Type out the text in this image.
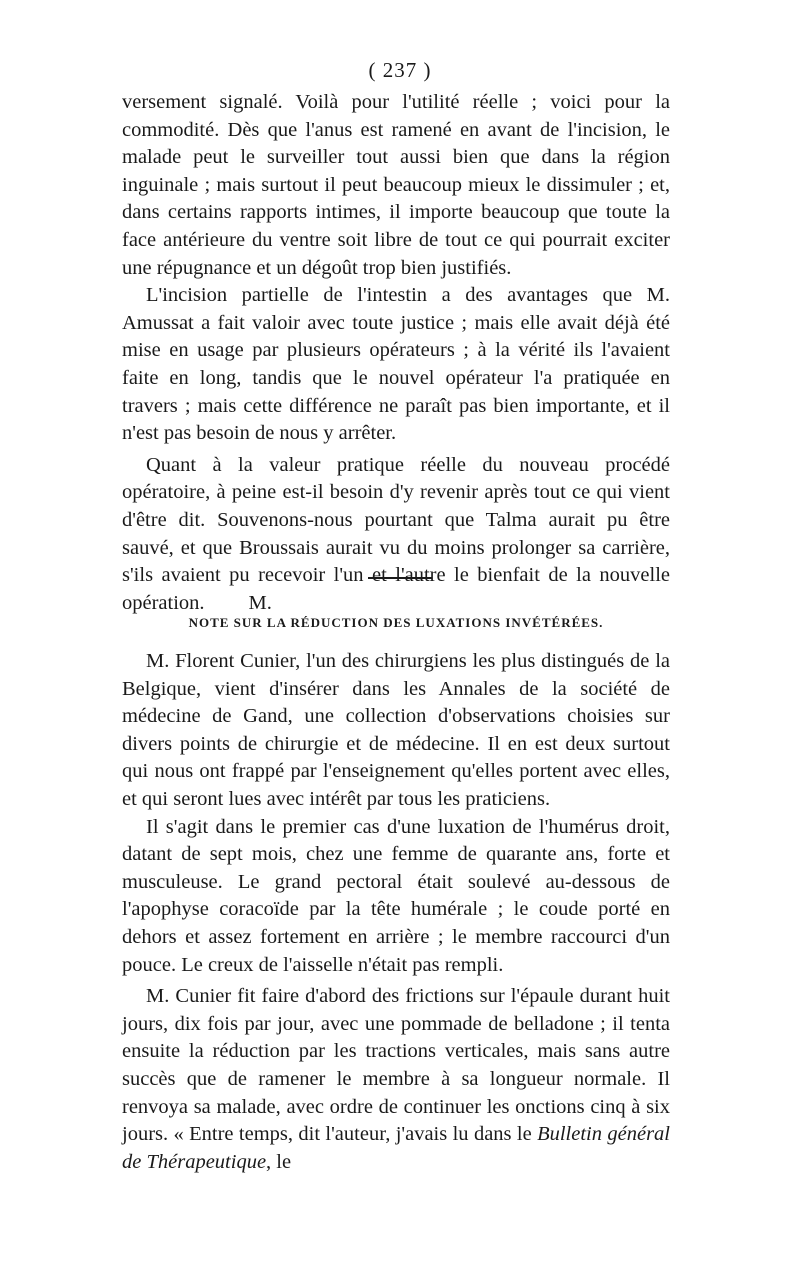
( 237 )

versement signalé. Voilà pour l'utilité réelle ; voici pour la commodité. Dès que l'anus est ramené en avant de l'incision, le malade peut le surveiller tout aussi bien que dans la région inguinale ; mais surtout il peut beaucoup mieux le dissimuler ; et, dans certains rapports intimes, il importe beaucoup que toute la face antérieure du ventre soit libre de tout ce qui pourrait exciter une répugnance et un dégoût trop bien justifiés.

L'incision partielle de l'intestin a des avantages que M. Amussat a fait valoir avec toute justice ; mais elle avait déjà été mise en usage par plusieurs opérateurs ; à la vérité ils l'avaient faite en long, tandis que le nouvel opérateur l'a pratiquée en travers ; mais cette différence ne paraît pas bien importante, et il n'est pas besoin de nous y arrêter.

Quant à la valeur pratique réelle du nouveau procédé opératoire, à peine est-il besoin d'y revenir après tout ce qui vient d'être dit. Souvenons-nous pourtant que Talma aurait pu être sauvé, et que Broussais aurait vu du moins prolonger sa carrière, s'ils avaient pu recevoir l'un et l'autre le bienfait de la nouvelle opération. M.

NOTE SUR LA RÉDUCTION DES LUXATIONS INVÉTÉRÉES.

M. Florent Cunier, l'un des chirurgiens les plus distingués de la Belgique, vient d'insérer dans les Annales de la société de médecine de Gand, une collection d'observations choisies sur divers points de chirurgie et de médecine. Il en est deux surtout qui nous ont frappé par l'enseignement qu'elles portent avec elles, et qui seront lues avec intérêt par tous les praticiens.

Il s'agit dans le premier cas d'une luxation de l'humérus droit, datant de sept mois, chez une femme de quarante ans, forte et musculeuse. Le grand pectoral était soulevé au-dessous de l'apophyse coracoïde par la tête humérale ; le coude porté en dehors et assez fortement en arrière ; le membre raccourci d'un pouce. Le creux de l'aisselle n'était pas rempli.

M. Cunier fit faire d'abord des frictions sur l'épaule durant huit jours, dix fois par jour, avec une pommade de belladone ; il tenta ensuite la réduction par les tractions verticales, mais sans autre succès que de ramener le membre à sa longueur normale. Il renvoya sa malade, avec ordre de continuer les onctions cinq à six jours. « Entre temps, dit l'auteur, j'avais lu dans le Bulletin général de Thérapeutique, le
